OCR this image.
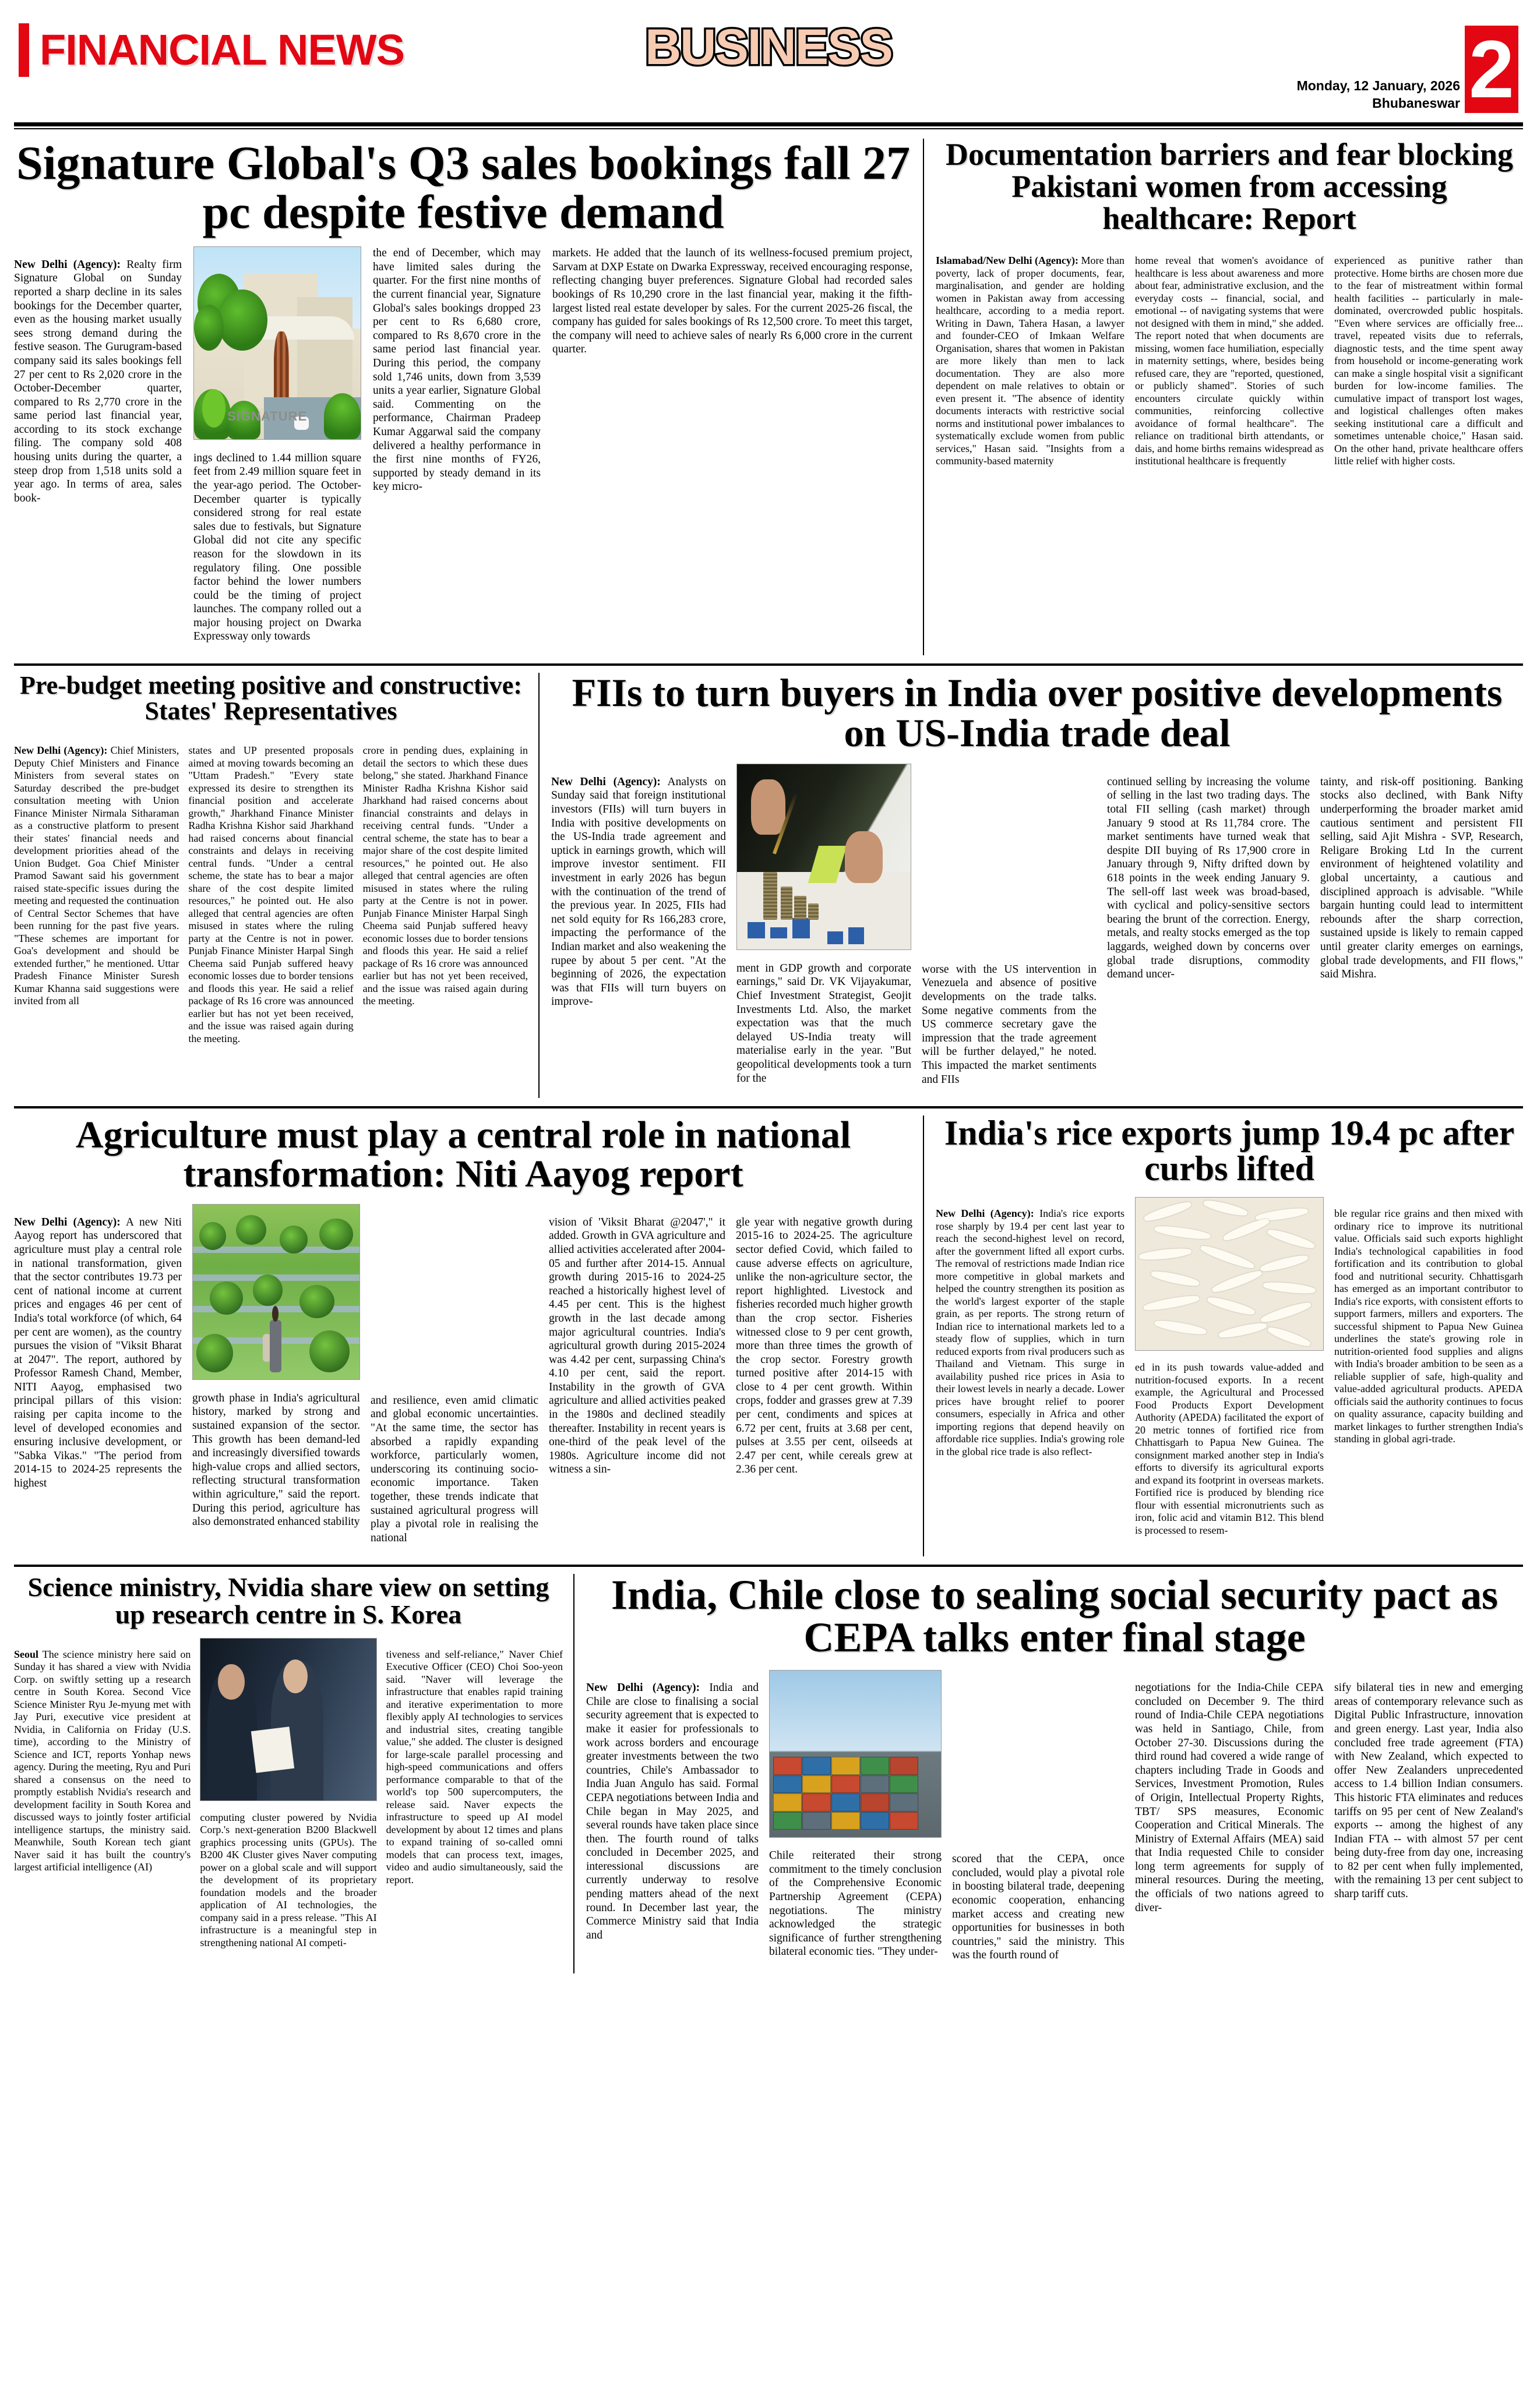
FINANCIAL NEWS	BUSINESS
Monday, 12 January, 2026
Bhubaneswar 2
Signature Global's Q3 sales bookings fall 27 pc despite festive demand

New Delhi (Agency): Realty firm Signature Global on Sunday reported a sharp decline in its sales bookings for the December quarter, even as the housing market usually sees strong demand during the festive season. The Gurugram-based company said its sales bookings fell 27 per cent to Rs 2,020 crore in the October-December quarter, compared to Rs 2,770 crore in the same period last financial year, according to its stock exchange filing. The company sold 408 housing units during the quarter, a steep drop from 1,518 units sold a year ago. In terms of area, sales book-

SIGNATURE

ings declined to 1.44 million square feet from 2.49 million square feet in the year-ago period. The October-December quarter is typically considered strong for real estate sales due to festivals, but Signature Global did not cite any specific reason for the slowdown in its regulatory filing. One possible factor behind the lower numbers could be the timing of project launches. The company rolled out a major housing project on Dwarka Expressway only towards

the end of December, which may have limited sales during the quarter. For the first nine months of the current financial year, Signature Global's sales bookings dropped 23 per cent to Rs 6,680 crore, compared to Rs 8,670 crore in the same period last financial year. During this period, the company sold 1,746 units, down from 3,539 units a year earlier, Signature Global said. Commenting on the performance, Chairman Pradeep Kumar Aggarwal said the company delivered a healthy performance in the first nine months of FY26, supported by steady demand in its key micro-

markets. He added that the launch of its wellness-focused premium project, Sarvam at DXP Estate on Dwarka Expressway, received encouraging response, reflecting changing buyer preferences. Signature Global had recorded sales bookings of Rs 10,290 crore in the last financial year, making it the fifth-largest listed real estate developer by sales. For the current 2025-26 fiscal, the company has guided for sales bookings of Rs 12,500 crore. To meet this target, the company will need to achieve sales of nearly Rs 6,000 crore in the current quarter.

Documentation barriers and fear blocking Pakistani women from accessing healthcare: Report

Islamabad/New Delhi (Agency): More than poverty, lack of proper documents, fear, marginalisation, and gender are holding women in Pakistan away from accessing healthcare, according to a media report. Writing in Dawn, Tahera Hasan, a lawyer and founder-CEO of Imkaan Welfare Organisation, shares that women in Pakistan are more likely than men to lack documentation. They are also more dependent on male relatives to obtain or even present it. "The absence of identity documents interacts with restrictive social norms and institutional power imbalances to systematically exclude women from public services," Hasan said. "Insights from a community-based maternity

home reveal that women's avoidance of healthcare is less about awareness and more about fear, administrative exclusion, and the everyday costs -- financial, social, and emotional -- of navigating systems that were not designed with them in mind," she added. The report noted that when documents are missing, women face humiliation, especially in maternity settings, where, besides being refused care, they are "reported, questioned, or publicly shamed". Stories of such encounters circulate quickly within communities, reinforcing collective avoidance of formal healthcare". The reliance on traditional birth attendants, or dais, and home births remains widespread as institutional healthcare is frequently

experienced as punitive rather than protective. Home births are chosen more due to the fear of mistreatment within formal health facilities -- particularly in male-dominated, overcrowded public hospitals. "Even where services are officially free... travel, repeated visits due to referrals, diagnostic tests, and the time spent away from household or income-generating work can make a single hospital visit a significant burden for low-income families. The cumulative impact of transport lost wages, and logistical challenges often makes seeking institutional care a difficult and sometimes untenable choice," Hasan said. On the other hand, private healthcare offers little relief with higher costs.

Pre-budget meeting positive and constructive: States' Representatives

New Delhi (Agency): Chief Ministers, Deputy Chief Ministers and Finance Ministers from several states on Saturday described the pre-budget consultation meeting with Union Finance Minister Nirmala Sitharaman as a constructive platform to present their states' financial needs and development priorities ahead of the Union Budget. Goa Chief Minister Pramod Sawant said his government raised state-specific issues during the meeting and requested the continuation of Central Sector Schemes that have been running for the past five years. "These schemes are important for Goa's development and should be extended further," he mentioned. Uttar Pradesh Finance Minister Suresh Kumar Khanna said suggestions were invited from all

states and UP presented proposals aimed at moving towards becoming an "Uttam Pradesh." "Every state expressed its desire to strengthen its financial position and accelerate growth," Jharkhand Finance Minister Radha Krishna Kishor said Jharkhand had raised concerns about financial constraints and delays in receiving central funds. "Under a central scheme, the state has to bear a major share of the cost despite limited resources," he pointed out. He also alleged that central agencies are often misused in states where the ruling party at the Centre is not in power. Punjab Finance Minister Harpal Singh Cheema said Punjab suffered heavy economic losses due to border tensions and floods this year. He said a relief package of Rs 16 crore was announced earlier but has not yet been received, and the issue was raised again during the meeting.

crore in pending dues, explaining in detail the sectors to which these dues belong," she stated. Jharkhand Finance Minister Radha Krishna Kishor said Jharkhand had raised concerns about financial constraints and delays in receiving central funds. "Under a central scheme, the state has to bear a major share of the cost despite limited resources," he pointed out. He also alleged that central agencies are often misused in states where the ruling party at the Centre is not in power. Punjab Finance Minister Harpal Singh Cheema said Punjab suffered heavy economic losses due to border tensions and floods this year. He said a relief package of Rs 16 crore was announced earlier but has not yet been received, and the issue was raised again during the meeting.

FIIs to turn buyers in India over positive developments on US-India trade deal

New Delhi (Agency): Analysts on Sunday said that foreign institutional investors (FIIs) will turn buyers in India with positive developments on the US-India trade agreement and uptick in earnings growth, which will improve investor sentiment. FII investment in early 2026 has begun with the continuation of the trend of the previous year. In 2025, FIIs had net sold equity for Rs 166,283 crore, impacting the performance of the Indian market and also weakening the rupee by about 5 per cent. "At the beginning of 2026, the expectation was that FIIs will turn buyers on improve-

ment in GDP growth and corporate earnings," said Dr. VK Vijayakumar, Chief Investment Strategist, Geojit Investments Ltd. Also, the market expectation was that the much delayed US-India treaty will materialise early in the year. "But geopolitical developments took a turn for the

worse with the US intervention in Venezuela and absence of positive developments on the trade talks. Some negative comments from the US commerce secretary gave the impression that the trade agreement will be further delayed," he noted. This impacted the market sentiments and FIIs

continued selling by increasing the volume of selling in the last two trading days. The total FII selling (cash market) through January 9 stood at Rs 11,784 crore. The market sentiments have turned weak that despite DII buying of Rs 17,900 crore in January through 9, Nifty drifted down by 618 points in the week ending January 9. The sell-off last week was broad-based, with cyclical and policy-sensitive sectors bearing the brunt of the correction. Energy, metals, and realty stocks emerged as the top laggards, weighed down by concerns over global trade disruptions, commodity demand uncer-

tainty, and risk-off positioning. Banking stocks also declined, with Bank Nifty underperforming the broader market amid cautious sentiment and persistent FII selling, said Ajit Mishra - SVP, Research, Religare Broking Ltd In the current environment of heightened volatility and global uncertainty, a cautious and disciplined approach is advisable. "While bargain hunting could lead to intermittent rebounds after the sharp correction, sustained upside is likely to remain capped until greater clarity emerges on earnings, global trade developments, and FII flows," said Mishra.

Agriculture must play a central role in national transformation: Niti Aayog report

New Delhi (Agency): A new Niti Aayog report has underscored that agriculture must play a central role in national transformation, given that the sector contributes 19.73 per cent of national income at current prices and engages 46 per cent of India's total workforce (of which, 64 per cent are women), as the country pursues the vision of "Viksit Bharat at 2047". The report, authored by Professor Ramesh Chand, Member, NITI Aayog, emphasised two principal pillars of this vision: raising per capita income to the level of developed economies and ensuring inclusive development, or "Sabka Vikas." "The period from 2014-15 to 2024-25 represents the highest

growth phase in India's agricultural history, marked by strong and sustained expansion of the sector. This growth has been demand-led and increasingly diversified towards high-value crops and allied sectors, reflecting structural transformation within agriculture," said the report. During this period, agriculture has also demonstrated enhanced stability

and resilience, even amid climatic and global economic uncertainties. "At the same time, the sector has absorbed a rapidly expanding workforce, particularly women, underscoring its continuing socio-economic importance. Taken together, these trends indicate that sustained agricultural progress will play a pivotal role in realising the national

vision of 'Viksit Bharat @2047'," it added. Growth in GVA agriculture and allied activities accelerated after 2004-05 and further after 2014-15. Annual growth during 2015-16 to 2024-25 reached a historically highest level of 4.45 per cent. This is the highest growth in the last decade among major agricultural countries. India's agricultural growth during 2015-2024 was 4.42 per cent, surpassing China's 4.10 per cent, said the report. Instability in the growth of GVA agriculture and allied activities peaked in the 1980s and declined steadily thereafter. Instability in recent years is one-third of the peak level of the 1980s. Agriculture income did not witness a sin-

gle year with negative growth during 2015-16 to 2024-25. The agriculture sector defied Covid, which failed to cause adverse effects on agriculture, unlike the non-agriculture sector, the report highlighted. Livestock and fisheries recorded much higher growth than the crop sector. Fisheries witnessed close to 9 per cent growth, more than three times the growth of the crop sector. Forestry growth turned positive after 2014-15 with close to 4 per cent growth. Within crops, fodder and grasses grew at 7.39 per cent, condiments and spices at 6.72 per cent, fruits at 3.68 per cent, pulses at 3.55 per cent, oilseeds at 2.47 per cent, while cereals grew at 2.36 per cent.

India's rice exports jump 19.4 pc after curbs lifted

New Delhi (Agency): India's rice exports rose sharply by 19.4 per cent last year to reach the second-highest level on record, after the government lifted all export curbs. The removal of restrictions made Indian rice more competitive in global markets and helped the country strengthen its position as the world's largest exporter of the staple grain, as per reports. The strong return of Indian rice to international markets led to a steady flow of supplies, which in turn reduced exports from rival producers such as Thailand and Vietnam. This surge in availability pushed rice prices in Asia to their lowest levels in nearly a decade. Lower prices have brought relief to poorer consumers, especially in Africa and other importing regions that depend heavily on affordable rice supplies. India's growing role in the global rice trade is also reflect-

ed in its push towards value-added and nutrition-focused exports. In a recent example, the Agricultural and Processed Food Products Export Development Authority (APEDA) facilitated the export of 20 metric tonnes of fortified rice from Chhattisgarh to Papua New Guinea. The consignment marked another step in India's efforts to diversify its agricultural exports and expand its footprint in overseas markets. Fortified rice is produced by blending rice flour with essential micronutrients such as iron, folic acid and vitamin B12. This blend is processed to resem-

ble regular rice grains and then mixed with ordinary rice to improve its nutritional value. Officials said such exports highlight India's technological capabilities in food fortification and its contribution to global food and nutritional security. Chhattisgarh has emerged as an important contributor to India's rice exports, with consistent efforts to support farmers, millers and exporters. The successful shipment to Papua New Guinea underlines the state's growing role in nutrition-oriented food supplies and aligns with India's broader ambition to be seen as a reliable supplier of safe, high-quality and value-added agricultural products. APEDA officials said the authority continues to focus on quality assurance, capacity building and market linkages to further strengthen India's standing in global agri-trade.

Science ministry, Nvidia share view on setting up research centre in S. Korea

Seoul The science ministry here said on Sunday it has shared a view with Nvidia Corp. on swiftly setting up a research centre in South Korea. Second Vice Science Minister Ryu Je-myung met with Jay Puri, executive vice president at Nvidia, in California on Friday (U.S. time), according to the Ministry of Science and ICT, reports Yonhap news agency. During the meeting, Ryu and Puri shared a consensus on the need to promptly establish Nvidia's research and development facility in South Korea and discussed ways to jointly foster artificial intelligence startups, the ministry said. Meanwhile, South Korean tech giant Naver said it has built the country's largest artificial intelligence (AI)

computing cluster powered by Nvidia Corp.'s next-generation B200 Blackwell graphics processing units (GPUs). The B200 4K Cluster gives Naver computing power on a global scale and will support the development of its proprietary foundation models and the broader application of AI technologies, the company said in a press release. "This AI infrastructure is a meaningful step in strengthening national AI competi-

tiveness and self-reliance," Naver Chief Executive Officer (CEO) Choi Soo-yeon said. "Naver will leverage the infrastructure that enables rapid training and iterative experimentation to more flexibly apply AI technologies to services and industrial sites, creating tangible value," she added. The cluster is designed for large-scale parallel processing and high-speed communications and offers performance comparable to that of the world's top 500 supercomputers, the release said. Naver expects the infrastructure to speed up AI model development by about 12 times and plans to expand training of so-called omni models that can process text, images, video and audio simultaneously, said the report.

India, Chile close to sealing social security pact as CEPA talks enter final stage

New Delhi (Agency): India and Chile are close to finalising a social security agreement that is expected to make it easier for professionals to work across borders and encourage greater investments between the two countries, Chile's Ambassador to India Juan Angulo has said. Formal CEPA negotiations between India and Chile began in May 2025, and several rounds have taken place since then. The fourth round of talks concluded in December 2025, and interessional discussions are currently underway to resolve pending matters ahead of the next round. In December last year, the Commerce Ministry said that India and

Chile reiterated their strong commitment to the timely conclusion of the Comprehensive Economic Partnership Agreement (CEPA) negotiations. The ministry acknowledged the strategic significance of further strengthening bilateral economic ties. "They under-

scored that the CEPA, once concluded, would play a pivotal role in boosting bilateral trade, deepening economic cooperation, enhancing market access and creating new opportunities for businesses in both countries," said the ministry. This was the fourth round of

negotiations for the India-Chile CEPA concluded on December 9. The third round of India-Chile CEPA negotiations was held in Santiago, Chile, from October 27-30. Discussions during the third round had covered a wide range of chapters including Trade in Goods and Services, Investment Promotion, Rules of Origin, Intellectual Property Rights, TBT/ SPS measures, Economic Cooperation and Critical Minerals. The Ministry of External Affairs (MEA) said that India requested Chile to consider long term agreements for supply of mineral resources. During the meeting, the officials of two nations agreed to diver-

sify bilateral ties in new and emerging areas of contemporary relevance such as Digital Public Infrastructure, innovation and green energy. Last year, India also concluded free trade agreement (FTA) with New Zealand, which expected to offer New Zealanders unprecedented access to 1.4 billion Indian consumers. This historic FTA eliminates and reduces tariffs on 95 per cent of New Zealand's exports -- among the highest of any Indian FTA -- with almost 57 per cent being duty-free from day one, increasing to 82 per cent when fully implemented, with the remaining 13 per cent subject to sharp tariff cuts.
